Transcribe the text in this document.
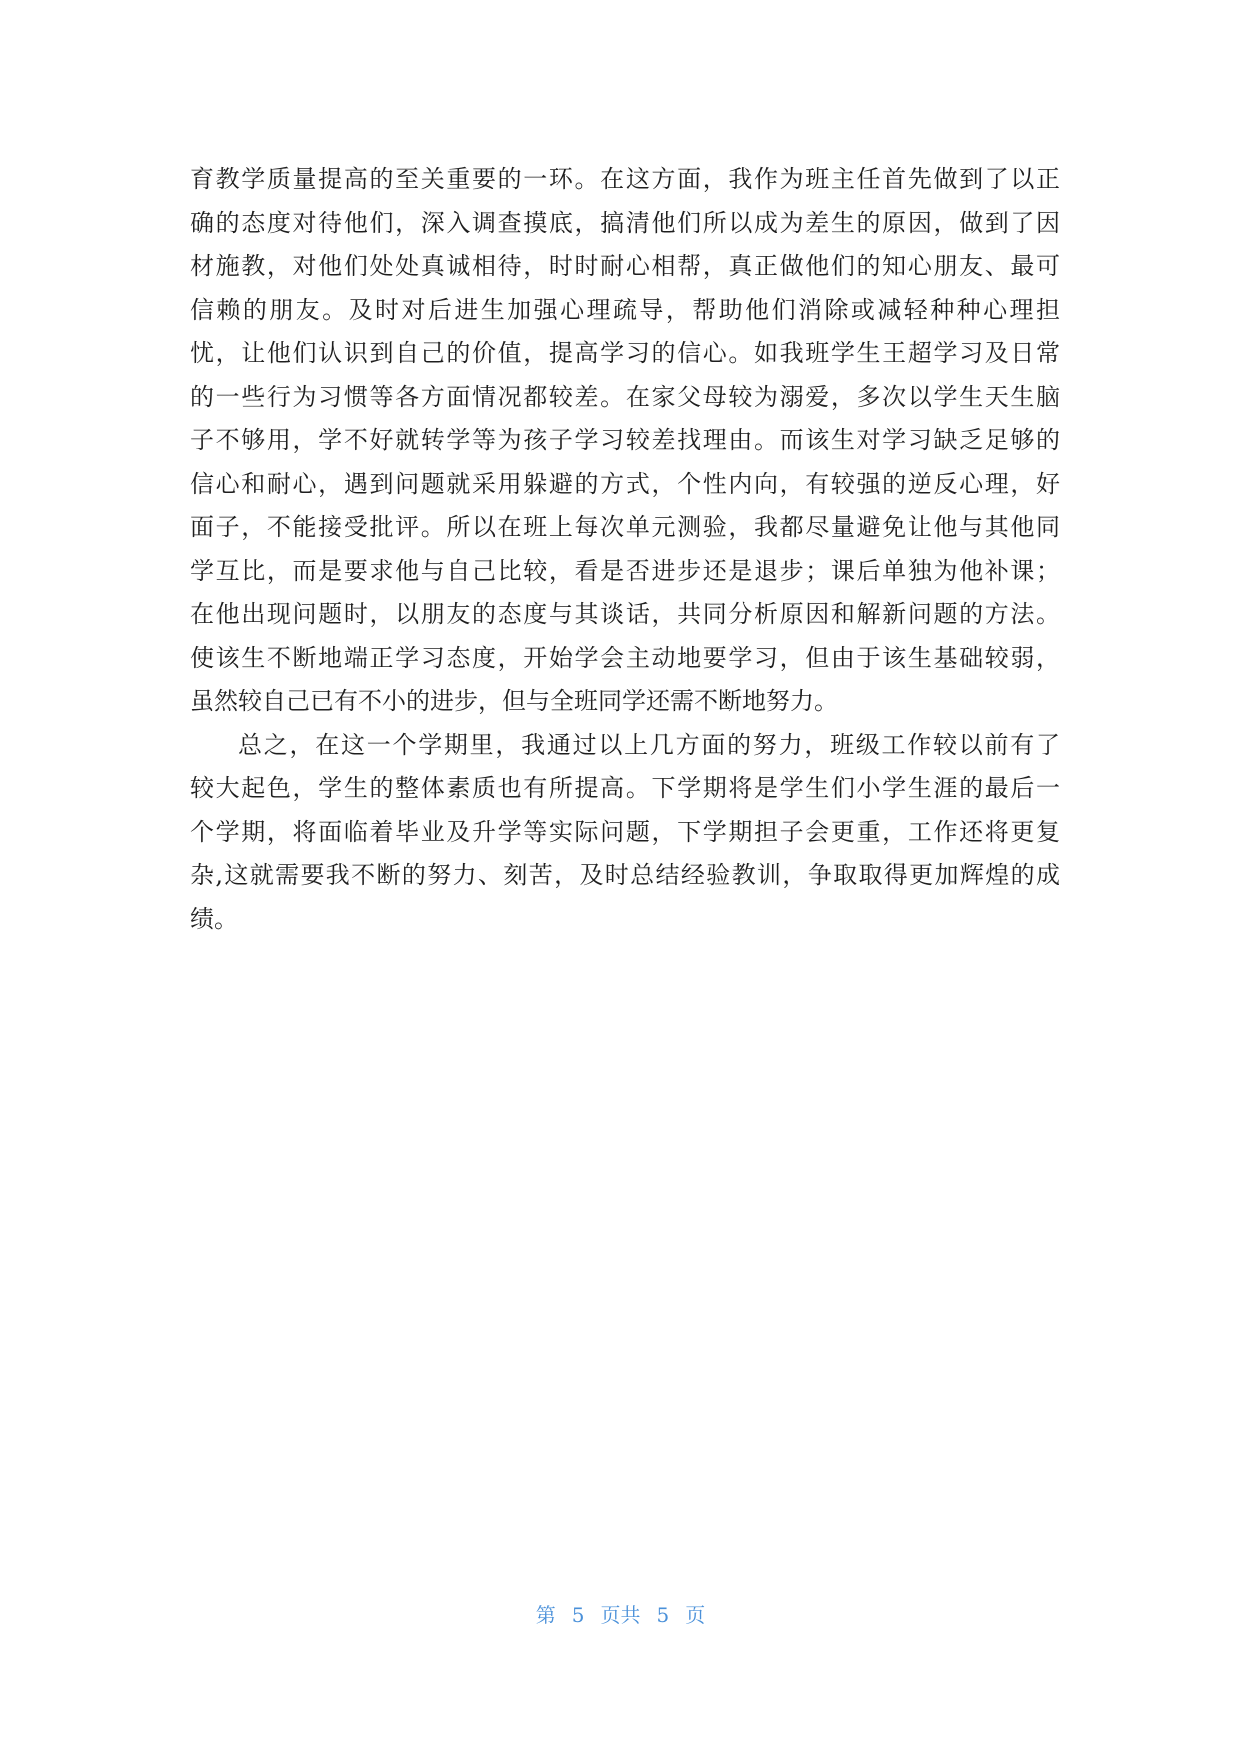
育教学质量提高的至关重要的一环。在这方面，我作为班主任首先做到了以正
确的态度对待他们，深入调查摸底，搞清他们所以成为差生的原因，做到了因
材施教，对他们处处真诚相待，时时耐心相帮，真正做他们的知心朋友、最可
信赖的朋友。及时对后进生加强心理疏导，帮助他们消除或减轻种种心理担
忧，让他们认识到自己的价值，提高学习的信心。如我班学生王超学习及日常
的一些行为习惯等各方面情况都较差。在家父母较为溺爱，多次以学生天生脑
子不够用，学不好就转学等为孩子学习较差找理由。而该生对学习缺乏足够的
信心和耐心，遇到问题就采用躲避的方式，个性内向，有较强的逆反心理，好
面子，不能接受批评。所以在班上每次单元测验，我都尽量避免让他与其他同
学互比，而是要求他与自己比较，看是否进步还是退步；课后单独为他补课；
在他出现问题时，以朋友的态度与其谈话，共同分析原因和解新问题的方法。
使该生不断地端正学习态度，开始学会主动地要学习，但由于该生基础较弱，
虽然较自己已有不小的进步，但与全班同学还需不断地努力。
总之，在这一个学期里，我通过以上几方面的努力，班级工作较以前有了
较大起色，学生的整体素质也有所提高。下学期将是学生们小学生涯的最后一
个学期，将面临着毕业及升学等实际问题，下学期担子会更重，工作还将更复
杂,这就需要我不断的努力、刻苦，及时总结经验教训，争取取得更加辉煌的成
绩。
第 5 页共 5 页
